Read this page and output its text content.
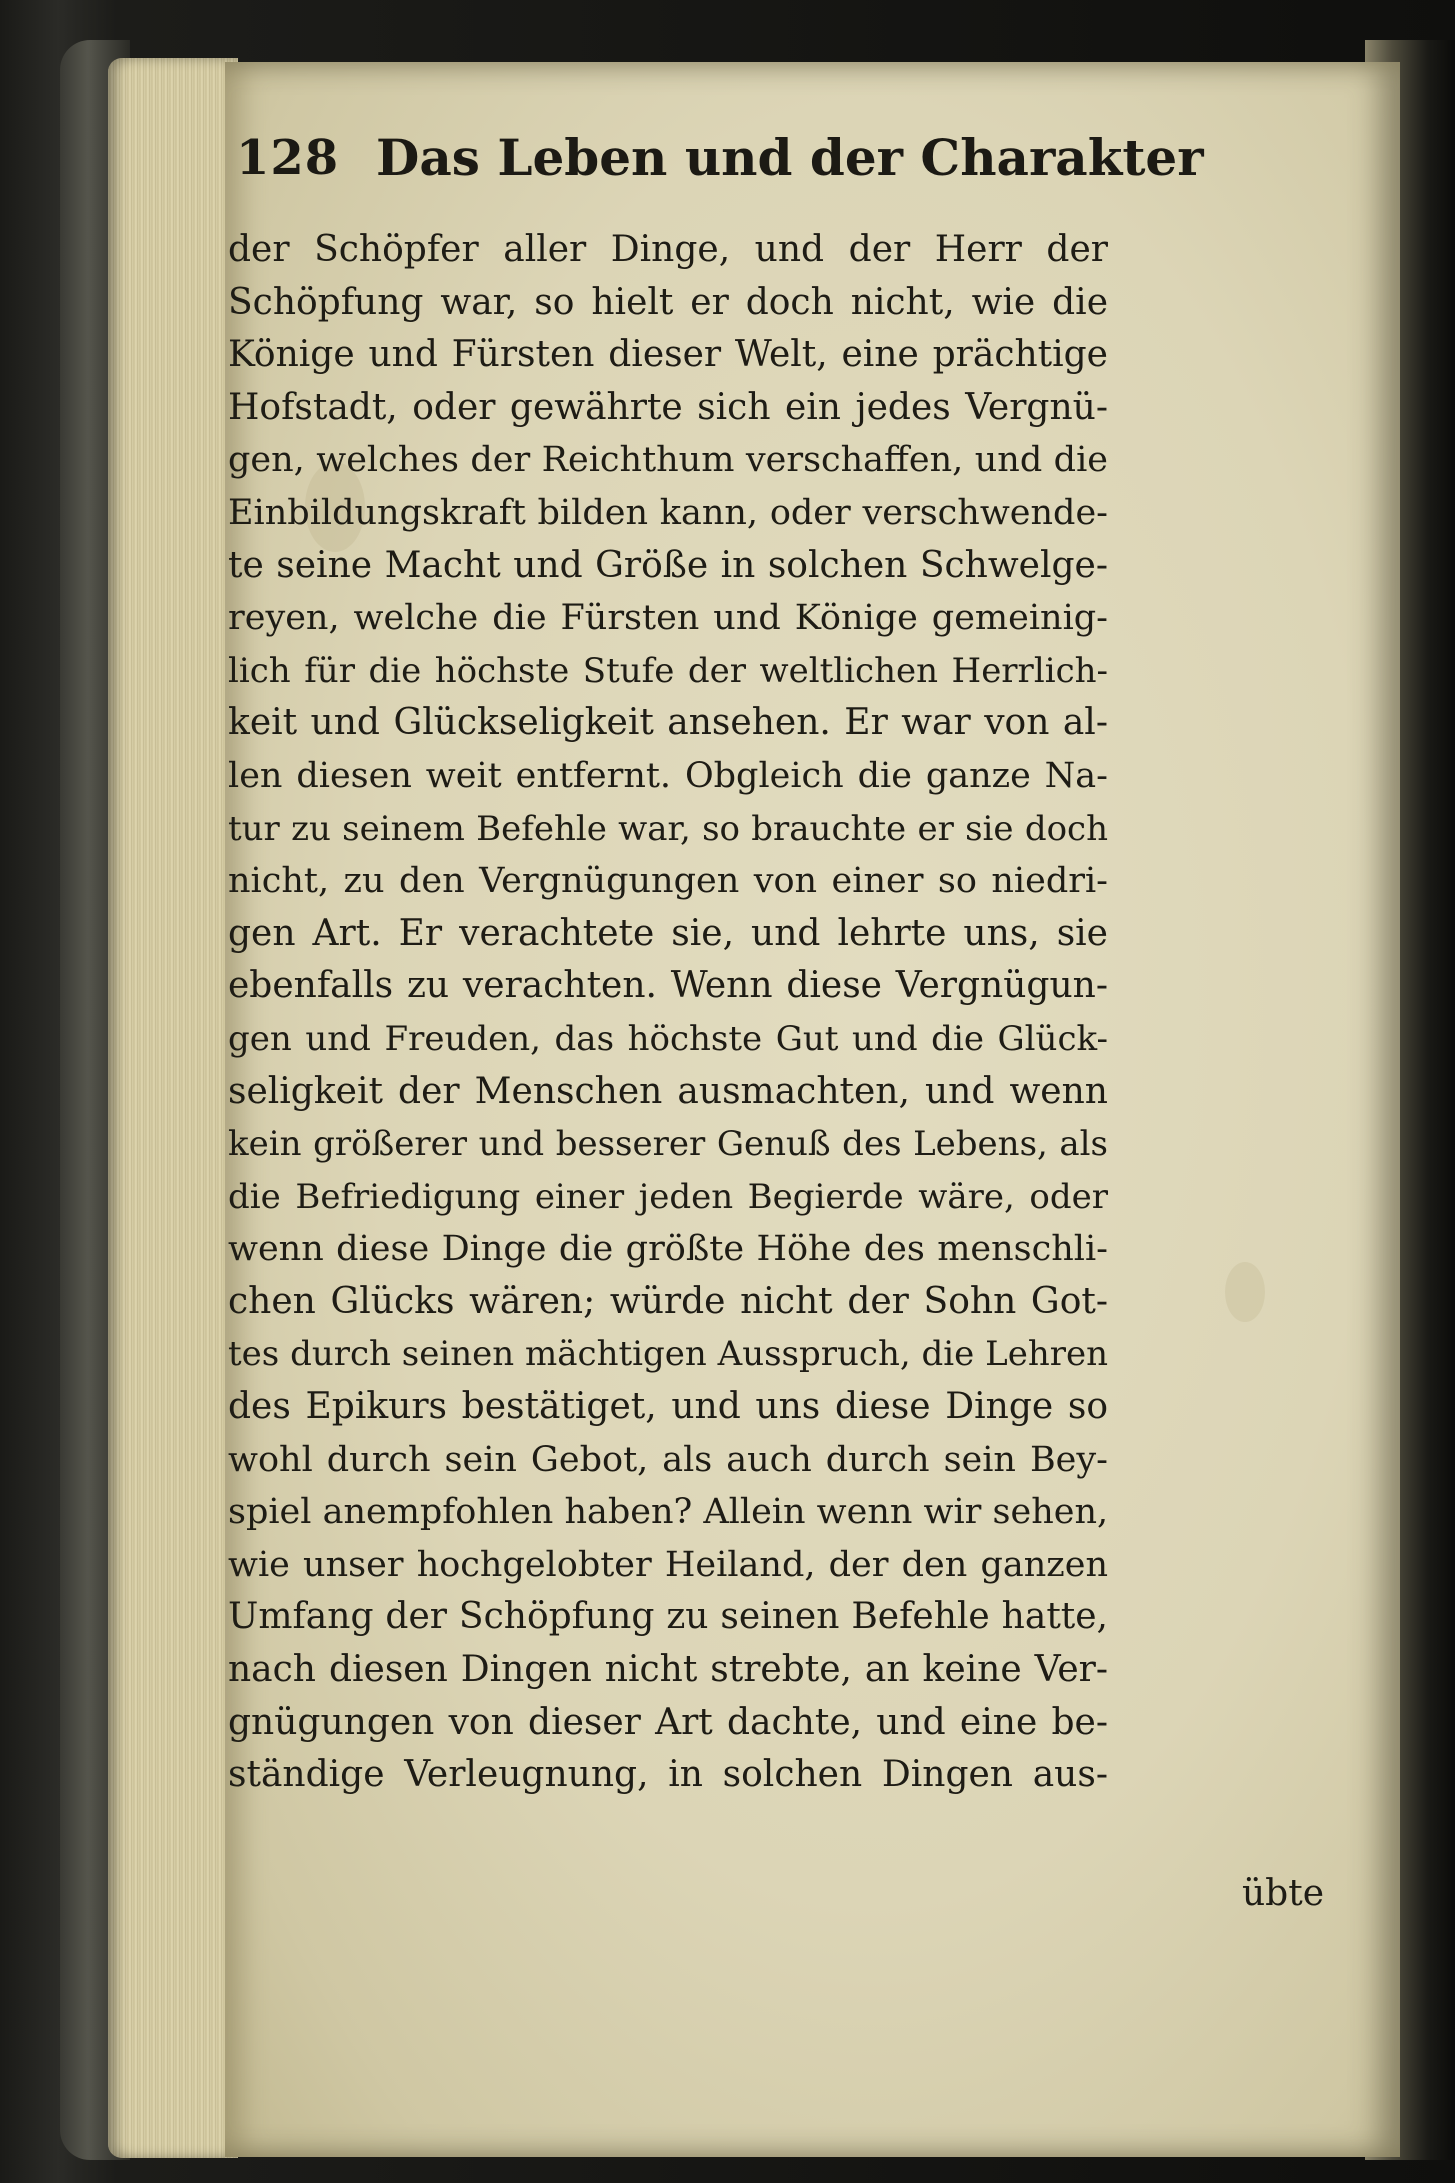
128 Das Leben und der Charakter
der Schöpfer aller Dinge, und der Herr der
Schöpfung war, so hielt er doch nicht, wie die
Könige und Fürsten dieser Welt, eine prächtige
Hofstadt, oder gewährte sich ein jedes Vergnü-
gen, welches der Reichthum verschaffen, und die
Einbildungskraft bilden kann, oder verschwende-
te seine Macht und Größe in solchen Schwelge-
reyen, welche die Fürsten und Könige gemeinig-
lich für die höchste Stufe der weltlichen Herrlich-
keit und Glückseligkeit ansehen. Er war von al-
len diesen weit entfernt. Obgleich die ganze Na-
tur zu seinem Befehle war, so brauchte er sie doch
nicht, zu den Vergnügungen von einer so niedri-
gen Art. Er verachtete sie, und lehrte uns, sie
ebenfalls zu verachten. Wenn diese Vergnügun-
gen und Freuden, das höchste Gut und die Glück-
seligkeit der Menschen ausmachten, und wenn
kein größerer und besserer Genuß des Lebens, als
die Befriedigung einer jeden Begierde wäre, oder
wenn diese Dinge die größte Höhe des menschli-
chen Glücks wären; würde nicht der Sohn Got-
tes durch seinen mächtigen Ausspruch, die Lehren
des Epikurs bestätiget, und uns diese Dinge so
wohl durch sein Gebot, als auch durch sein Bey-
spiel anempfohlen haben? Allein wenn wir sehen,
wie unser hochgelobter Heiland, der den ganzen
Umfang der Schöpfung zu seinen Befehle hatte,
nach diesen Dingen nicht strebte, an keine Ver-
gnügungen von dieser Art dachte, und eine be-
ständige Verleugnung, in solchen Dingen aus-
übte
